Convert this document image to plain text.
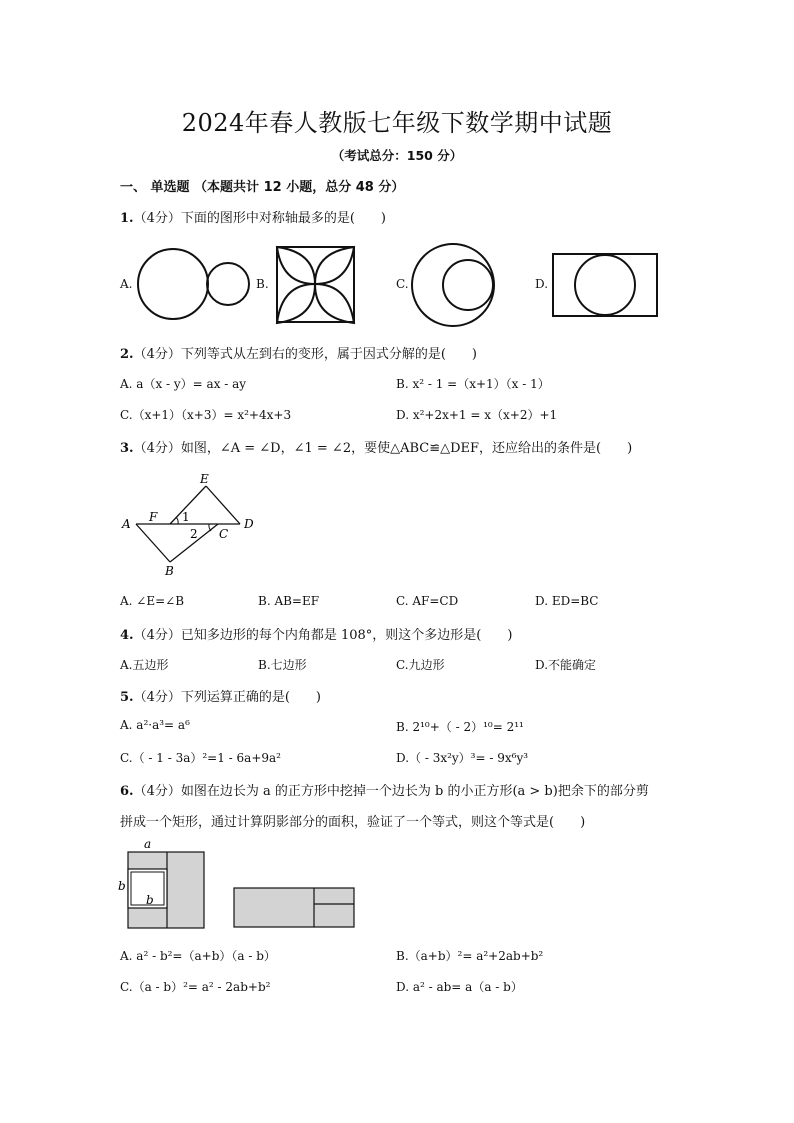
2024年春人教版七年级下数学期中试题
（考试总分：150 分）
一、 单选题 （本题共计 12 小题，总分 48 分）
1.（4分）下面的图形中对称轴最多的是(　　)
A.	B.	C.	D.
2.（4分）下列等式从左到右的变形，属于因式分解的是(　　)
A. a（x - y）= ax - ay	B. x² - 1 =（x+1）（x - 1）
C.（x+1）（x+3）= x²+4x+3	D. x²+2x+1 = x（x+2）+1
3.（4分）如图，∠A = ∠D，∠1 = ∠2，要使△ABC≌△DEF，还应给出的条件是(　　)
A F
E
D
C
B
1
2
A. ∠E=∠B	B. AB=EF	C. AF=CD	D. ED=BC
4.（4分）已知多边形的每个内角都是 108°，则这个多边形是(　　)
A.五边形	B.七边形	C.九边形	D.不能确定
5.（4分）下列运算正确的是(　　)
A. a²·a³= a⁶	B. 2¹⁰+（ - 2）¹⁰= 2¹¹
C.（ - 1 - 3a）²=1 - 6a+9a²	D.（ - 3x²y）³= - 9x⁶y³
6.（4分）如图在边长为 a 的正方形中挖掉一个边长为 b 的小正方形(a > b)把余下的部分剪
拼成一个矩形，通过计算阴影部分的面积，验证了一个等式，则这个等式是(　　)
a
b
b
A. a² - b²=（a+b）（a - b）	B.（a+b）²= a²+2ab+b²
C.（a - b）²= a² - 2ab+b²	D. a² - ab= a（a - b）
